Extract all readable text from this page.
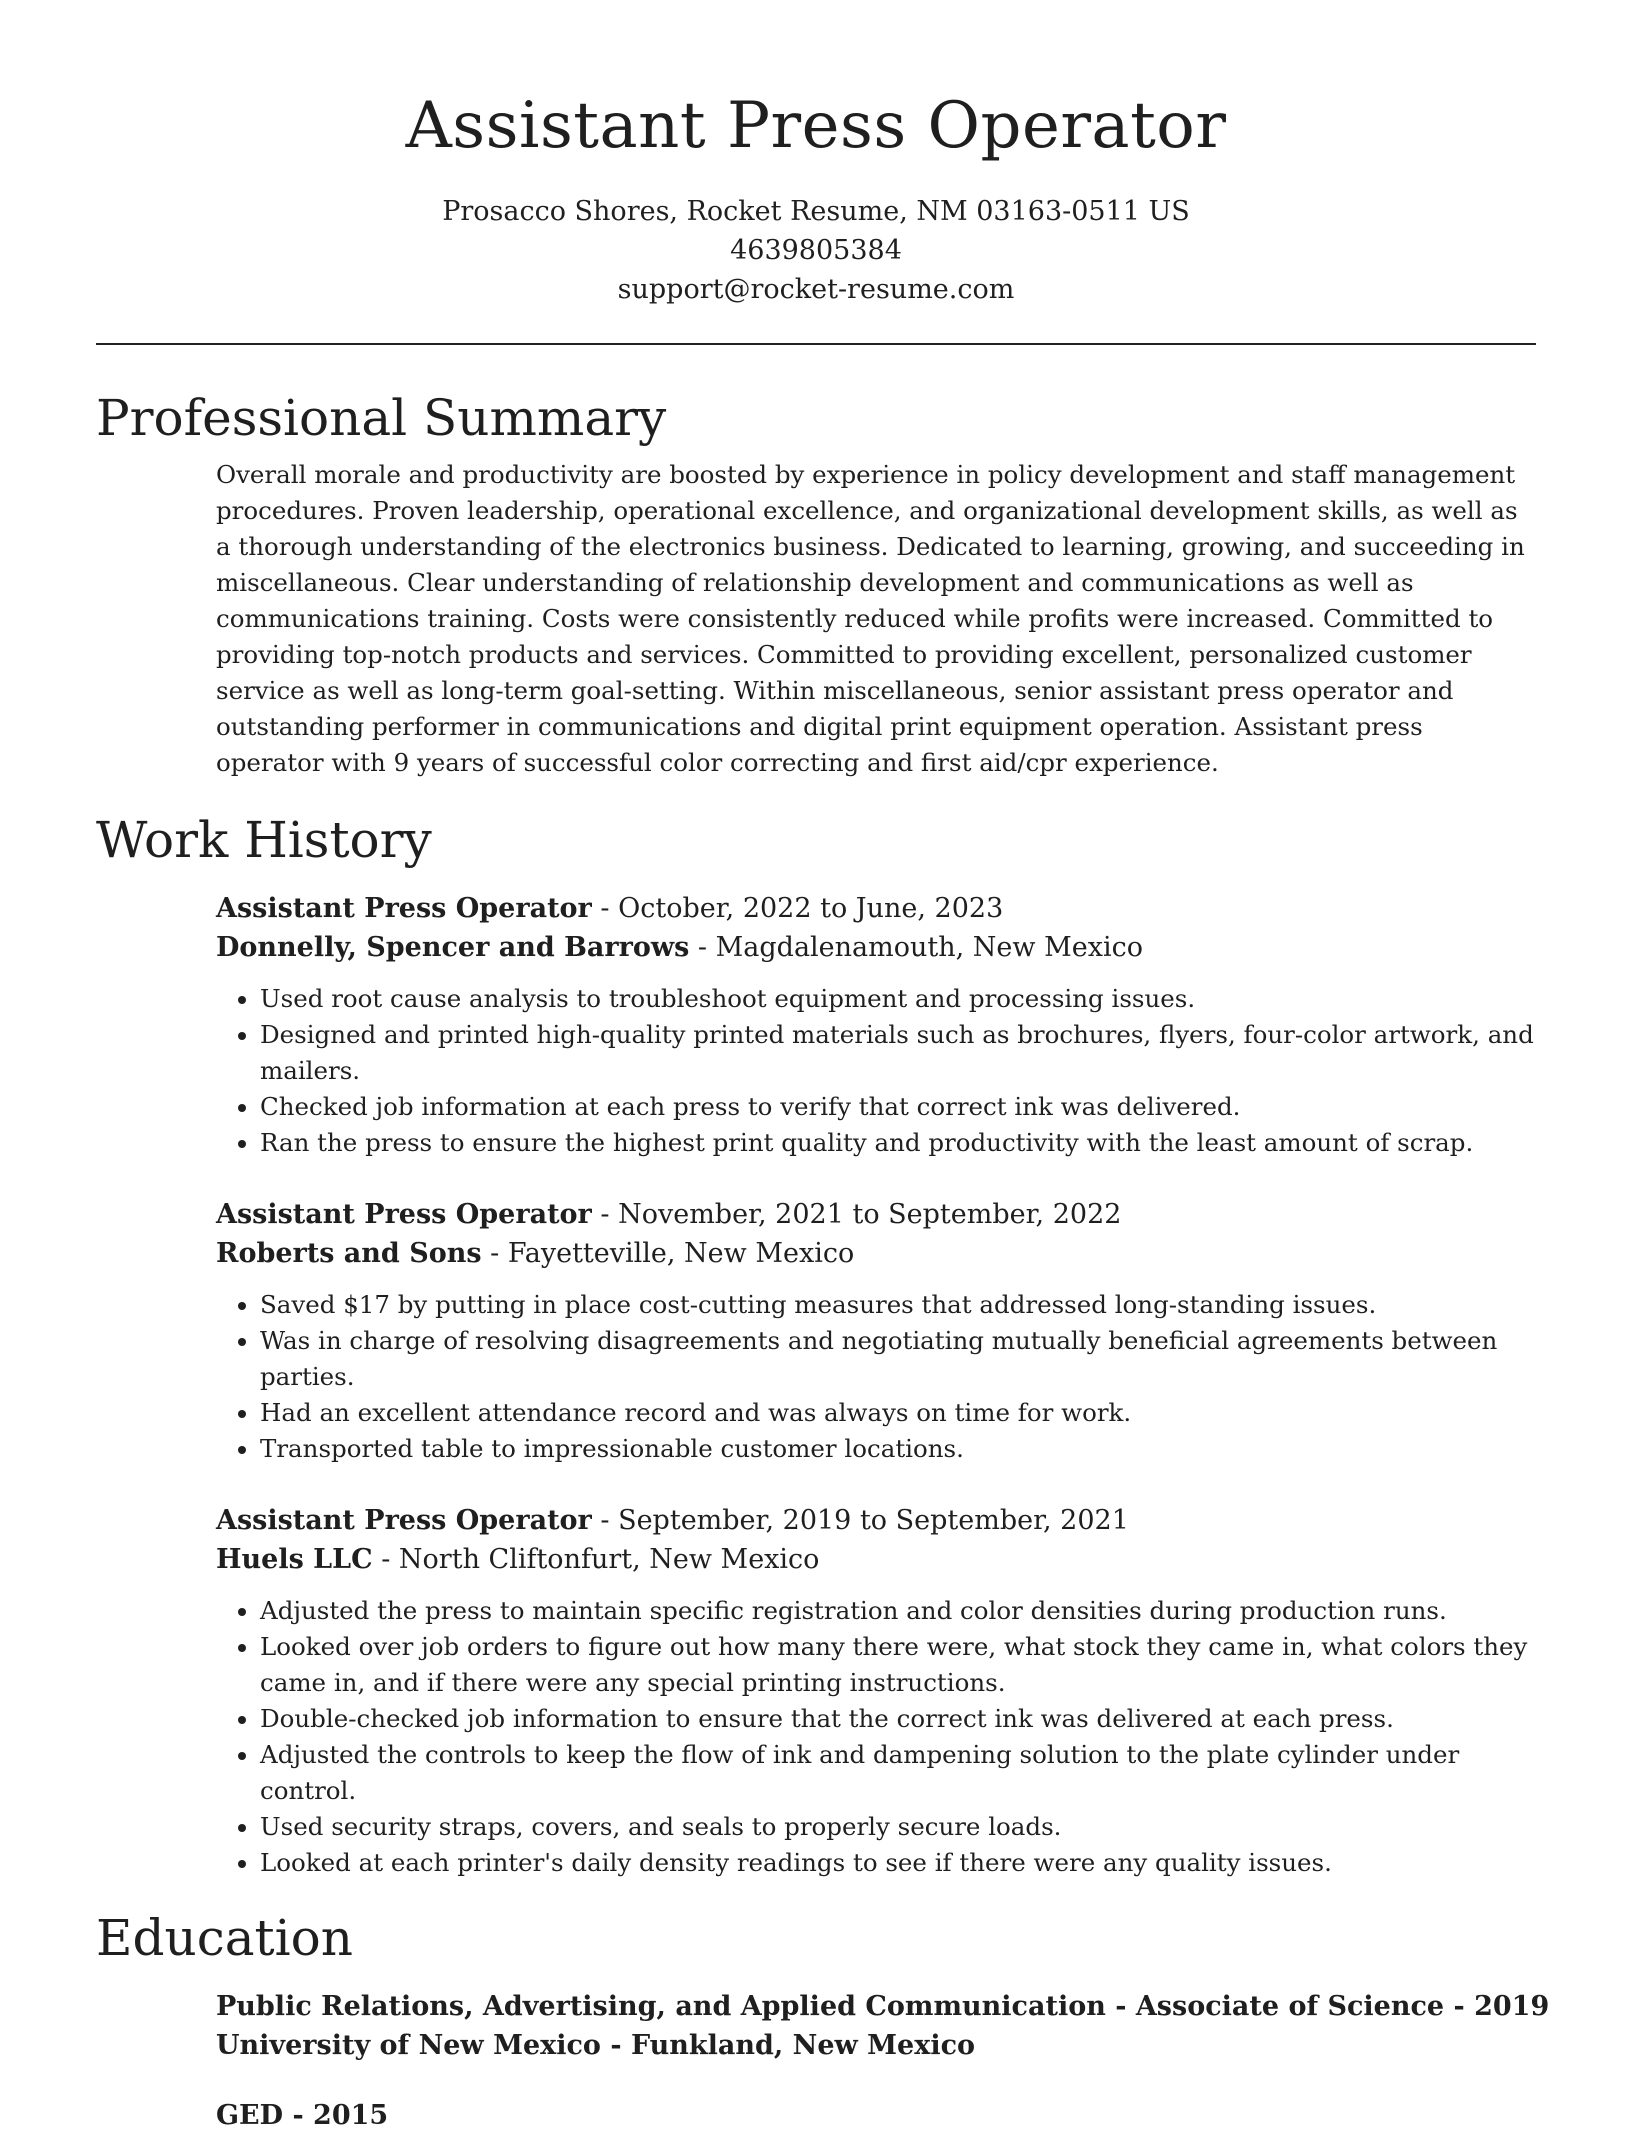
Assistant Press Operator
Prosacco Shores, Rocket Resume, NM 03163-0511 US
4639805384
support@rocket-resume.com
Professional Summary

Overall morale and productivity are boosted by experience in policy development and staff management procedures. Proven leadership, operational excellence, and organizational development skills, as well as a thorough understanding of the electronics business. Dedicated to learning, growing, and succeeding in miscellaneous. Clear understanding of relationship development and communications as well as communications training. Costs were consistently reduced while profits were increased. Committed to providing top-notch products and services. Committed to providing excellent, personalized customer service as well as long-term goal-setting. Within miscellaneous, senior assistant press operator and outstanding performer in communications and digital print equipment operation. Assistant press operator with 9 years of successful color correcting and first aid/cpr experience.

Work History
Assistant Press Operator - October, 2022 to June, 2023
Donnelly, Spencer and Barrows - Magdalenamouth, New Mexico
• Used root cause analysis to troubleshoot equipment and processing issues.
• Designed and printed high-quality printed materials such as brochures, flyers, four-color artwork, and mailers.
• Checked job information at each press to verify that correct ink was delivered.
• Ran the press to ensure the highest print quality and productivity with the least amount of scrap.
Assistant Press Operator - November, 2021 to September, 2022
Roberts and Sons - Fayetteville, New Mexico
• Saved $17 by putting in place cost-cutting measures that addressed long-standing issues.
• Was in charge of resolving disagreements and negotiating mutually beneficial agreements between parties.
• Had an excellent attendance record and was always on time for work.
• Transported table to impressionable customer locations.
Assistant Press Operator - September, 2019 to September, 2021
Huels LLC - North Cliftonfurt, New Mexico
• Adjusted the press to maintain specific registration and color densities during production runs.
• Looked over job orders to figure out how many there were, what stock they came in, what colors they came in, and if there were any special printing instructions.
• Double-checked job information to ensure that the correct ink was delivered at each press.
• Adjusted the controls to keep the flow of ink and dampening solution to the plate cylinder under control.
• Used security straps, covers, and seals to properly secure loads.
• Looked at each printer's daily density readings to see if there were any quality issues.
Education
Public Relations, Advertising, and Applied Communication - Associate of Science - 2019
University of New Mexico - Funkland, New Mexico
GED - 2015
